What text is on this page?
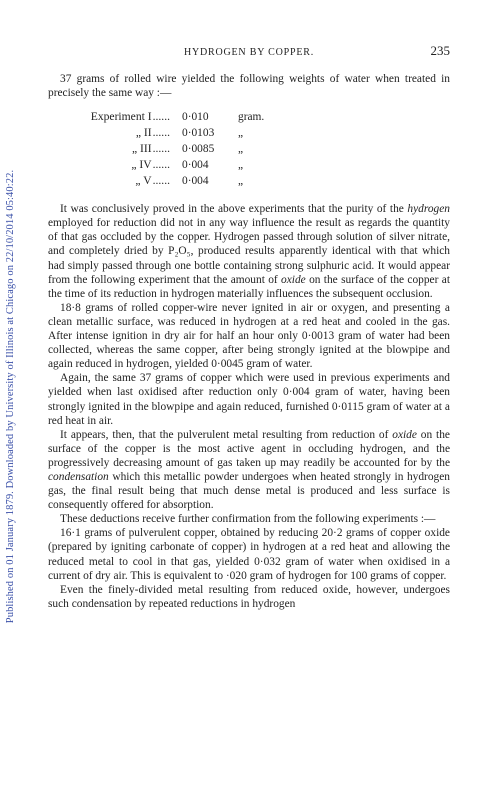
Published on 01 January 1879. Downloaded by University of Illinois at Chicago on 22/10/2014 05:40:22.
HYDROGEN BY COPPER.	235

37 grams of rolled wire yielded the following weights of water when treated in precisely the same way :—

Experiment I......	0·010	gram.
„ II......	0·0103	„
„ III......	0·0085	„
„ IV......	0·004	„
„ V......	0·004	„

It was conclusively proved in the above experiments that the purity of the hydrogen employed for reduction did not in any way influence the result as regards the quantity of that gas occluded by the copper. Hydrogen passed through solution of silver nitrate, and completely dried by P₂O₅, produced results apparently identical with that which had simply passed through one bottle containing strong sulphuric acid. It would appear from the following experiment that the amount of oxide on the surface of the copper at the time of its reduction in hydrogen materially influences the subsequent occlusion.

18·8 grams of rolled copper-wire never ignited in air or oxygen, and presenting a clean metallic surface, was reduced in hydrogen at a red heat and cooled in the gas. After intense ignition in dry air for half an hour only 0·0013 gram of water had been collected, whereas the same copper, after being strongly ignited at the blowpipe and again reduced in hydrogen, yielded 0·0045 gram of water.

Again, the same 37 grams of copper which were used in previous experiments and yielded when last oxidised after reduction only 0·004 gram of water, having been strongly ignited in the blowpipe and again reduced, furnished 0·0115 gram of water at a red heat in air.

It appears, then, that the pulverulent metal resulting from reduction of oxide on the surface of the copper is the most active agent in occluding hydrogen, and the progressively decreasing amount of gas taken up may readily be accounted for by the condensation which this metallic powder undergoes when heated strongly in hydrogen gas, the final result being that much dense metal is produced and less surface is consequently offered for absorption.

These deductions receive further confirmation from the following experiments :—

16·1 grams of pulverulent copper, obtained by reducing 20·2 grams of copper oxide (prepared by igniting carbonate of copper) in hydrogen at a red heat and allowing the reduced metal to cool in that gas, yielded 0·032 gram of water when oxidised in a current of dry air. This is equivalent to ·020 gram of hydrogen for 100 grams of copper.

Even the finely-divided metal resulting from reduced oxide, however, undergoes such condensation by repeated reductions in hydrogen
